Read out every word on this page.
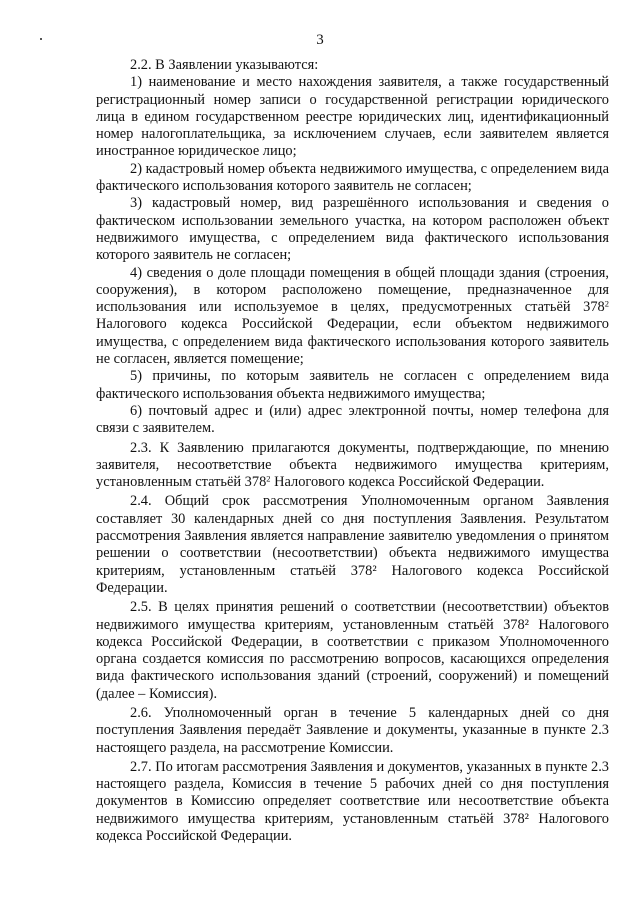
3

2.2. В Заявлении указываются:

1) наименование и место нахождения заявителя, а также государственный регистрационный номер записи о государственной регистрации юридического лица в едином государственном реестре юридических лиц, идентификационный номер налогоплательщика, за исключением случаев, если заявителем является иностранное юридическое лицо;

2) кадастровый номер объекта недвижимого имущества, с определением вида фактического использования которого заявитель не согласен;

3) кадастровый номер, вид разрешённого использования и сведения о фактическом использовании земельного участка, на котором расположен объект недвижимого имущества, с определением вида фактического использования которого заявитель не согласен;

4) сведения о доле площади помещения в общей площади здания (строения, сооружения), в котором расположено помещение, предназначенное для использования или используемое в целях, предусмотренных статьёй $378^2$ Налогового кодекса Российской Федерации, если объектом недвижимого имущества, с определением вида фактического использования которого заявитель не согласен, является помещение;

5) причины, по которым заявитель не согласен с определением вида фактического использования объекта недвижимого имущества;

6) почтовый адрес и (или) адрес электронной почты, номер телефона для связи с заявителем.

2.3. К Заявлению прилагаются документы, подтверждающие, по мнению заявителя, несоответствие объекта недвижимого имущества критериям, установленным статьёй $378^2$ Налогового кодекса Российской Федерации.

2.4. Общий срок рассмотрения Уполномоченным органом Заявления составляет 30 календарных дней со дня поступления Заявления. Результатом рассмотрения Заявления является направление заявителю уведомления о принятом решении о соответствии (несоответствии) объекта недвижимого имущества критериям, установленным статьёй 378² Налогового кодекса Российской Федерации.

2.5. В целях принятия решений о соответствии (несоответствии) объектов недвижимого имущества критериям, установленным статьёй 378² Налогового кодекса Российской Федерации, в соответствии с приказом Уполномоченного органа создается комиссия по рассмотрению вопросов, касающихся определения вида фактического использования зданий (строений, сооружений) и помещений (далее – Комиссия).

2.6. Уполномоченный орган в течение 5 календарных дней со дня поступления Заявления передаёт Заявление и документы, указанные в пункте 2.3 настоящего раздела, на рассмотрение Комиссии.

2.7. По итогам рассмотрения Заявления и документов, указанных в пункте 2.3 настоящего раздела, Комиссия в течение 5 рабочих дней со дня поступления документов в Комиссию определяет соответствие или несоответствие объекта недвижимого имущества критериям, установленным статьёй 378² Налогового кодекса Российской Федерации.
